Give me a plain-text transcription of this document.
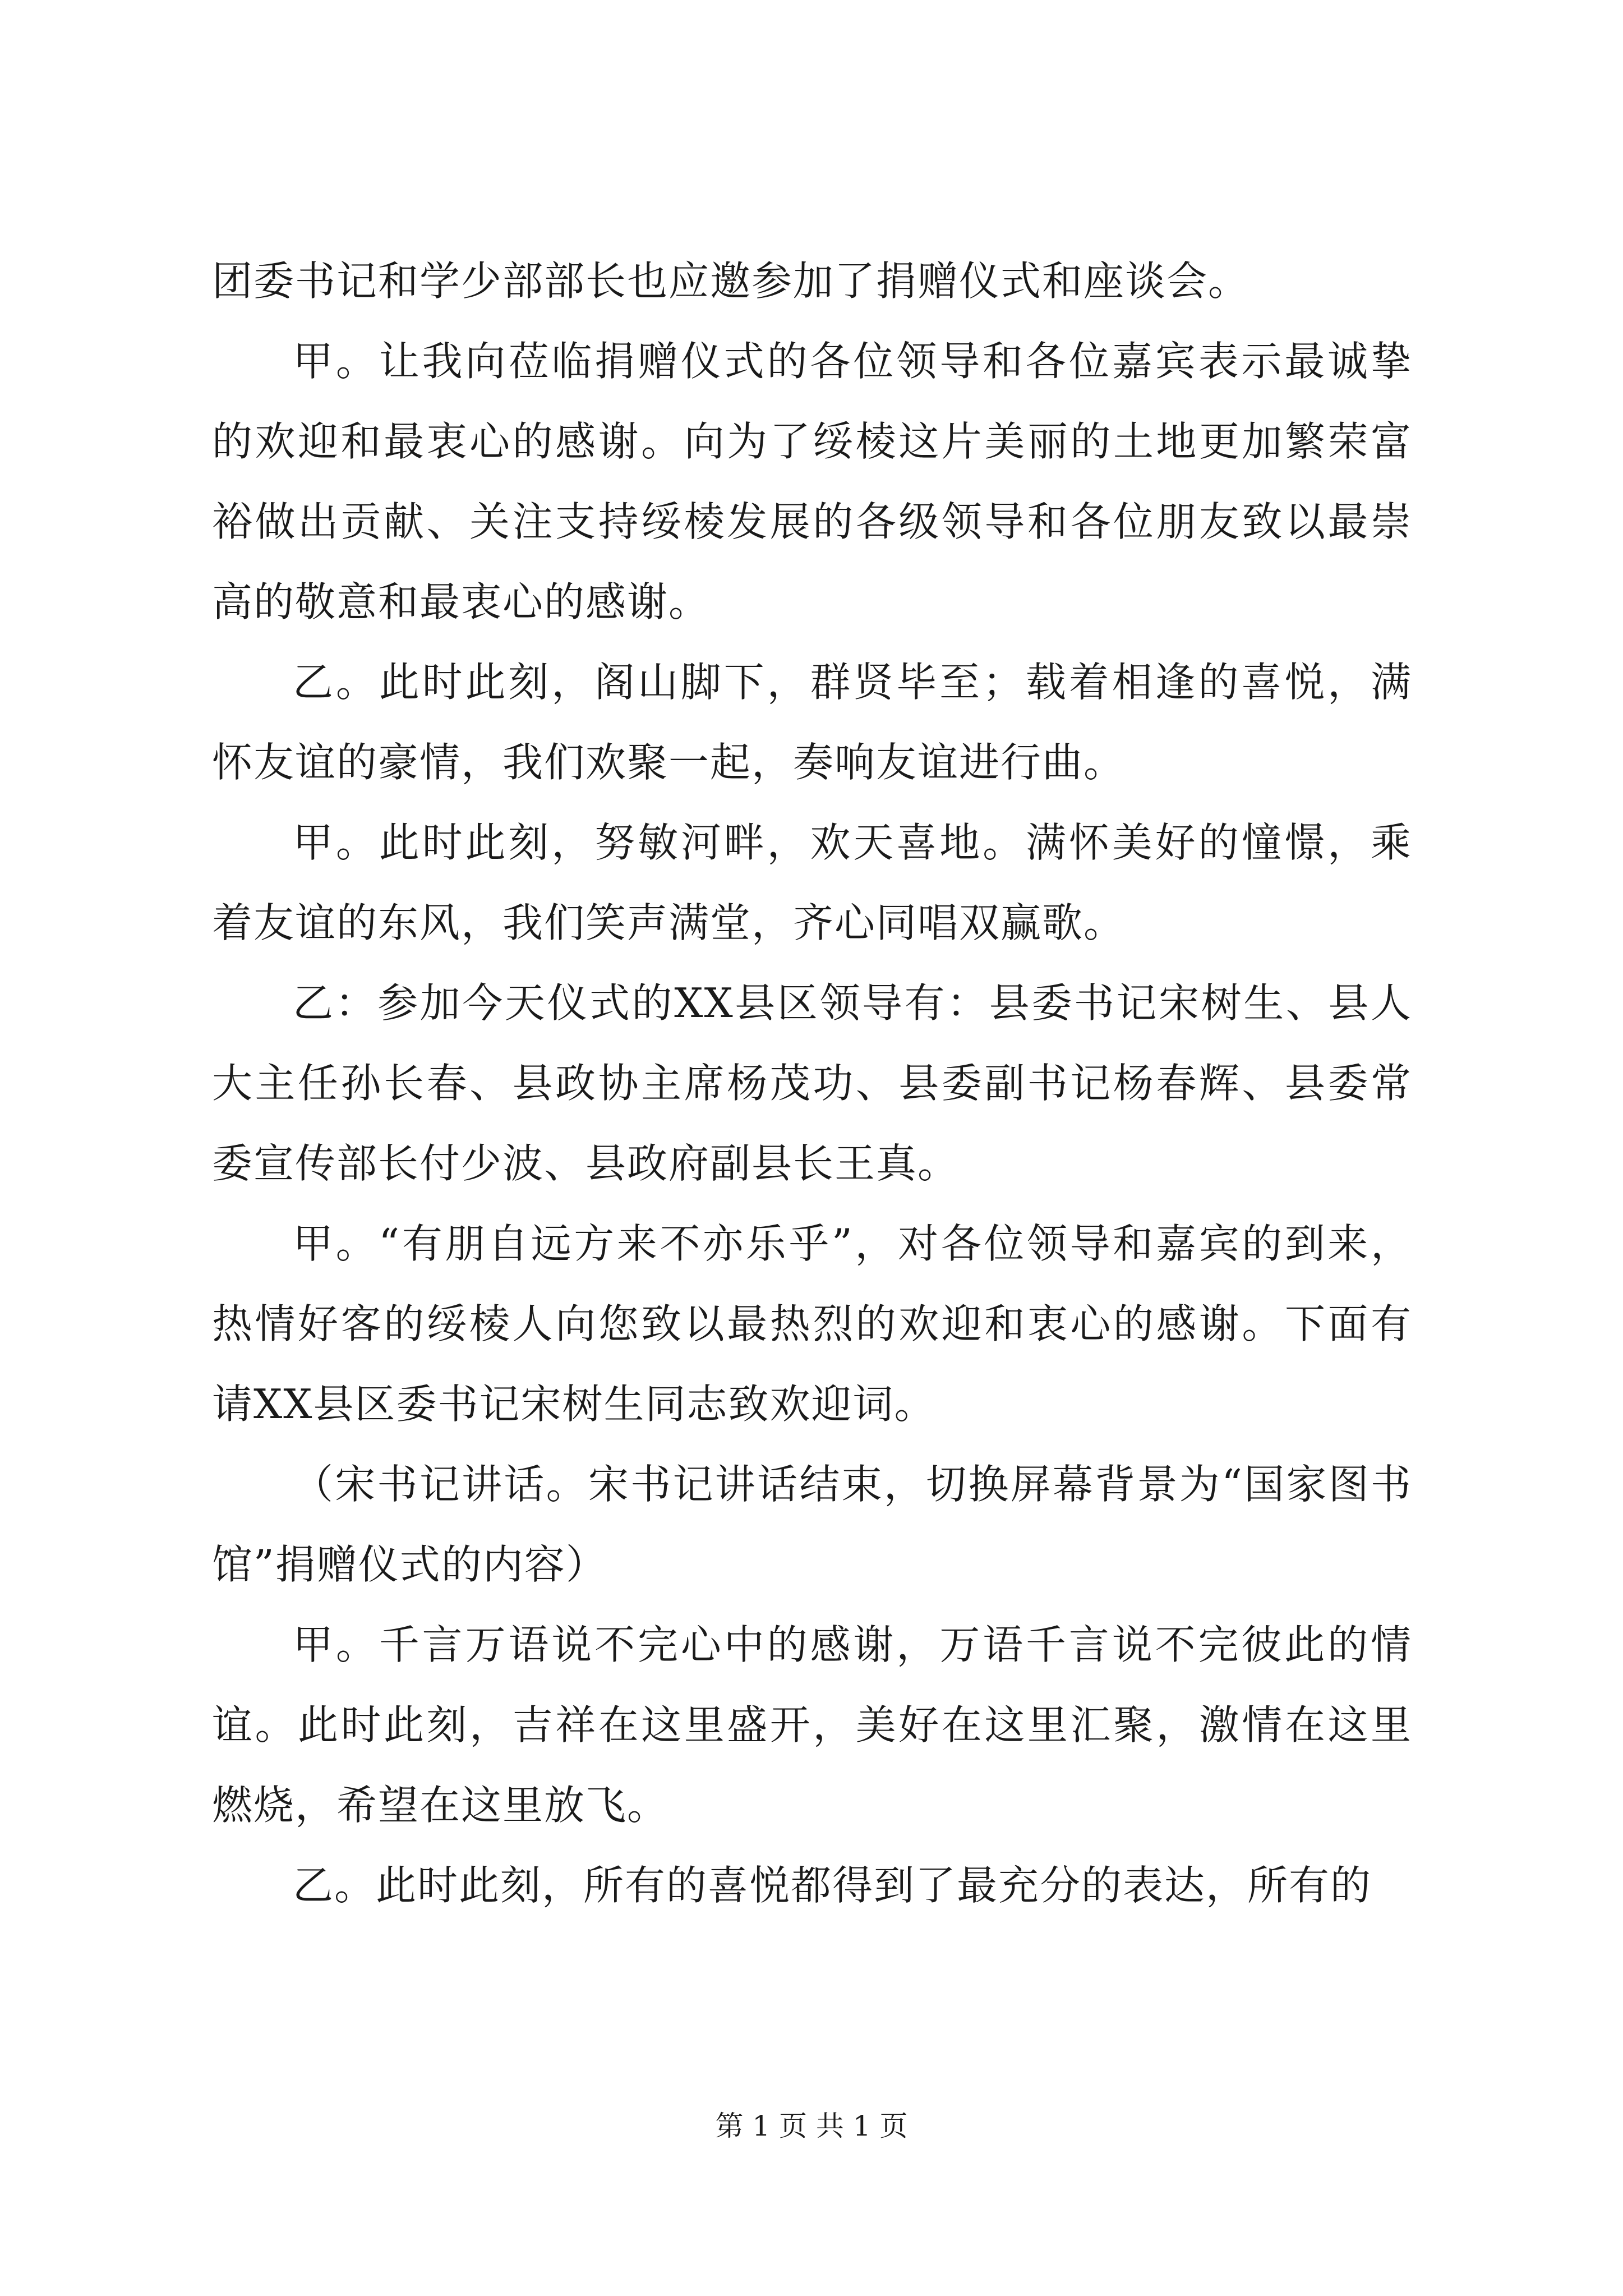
团委书记和学少部部长也应邀参加了捐赠仪式和座谈会。

甲。让我向莅临捐赠仪式的各位领导和各位嘉宾表示最诚挚的欢迎和最衷心的感谢。向为了绥棱这片美丽的土地更加繁荣富裕做出贡献、关注支持绥棱发展的各级领导和各位朋友致以最崇高的敬意和最衷心的感谢。

乙。此时此刻，阁山脚下，群贤毕至；载着相逢的喜悦，满怀友谊的豪情，我们欢聚一起，奏响友谊进行曲。

甲。此时此刻，努敏河畔，欢天喜地。满怀美好的憧憬，乘着友谊的东风，我们笑声满堂，齐心同唱双赢歌。

乙：参加今天仪式的XX县区领导有：县委书记宋树生、县人大主任孙长春、县政协主席杨茂功、县委副书记杨春辉、县委常委宣传部长付少波、县政府副县长王真。

甲。“有朋自远方来不亦乐乎”，对各位领导和嘉宾的到来，热情好客的绥棱人向您致以最热烈的欢迎和衷心的感谢。下面有请XX县区委书记宋树生同志致欢迎词。

（宋书记讲话。宋书记讲话结束，切换屏幕背景为“国家图书馆”捐赠仪式的内容）

甲。千言万语说不完心中的感谢，万语千言说不完彼此的情谊。此时此刻，吉祥在这里盛开，美好在这里汇聚，激情在这里燃烧，希望在这里放飞。

乙。此时此刻，所有的喜悦都得到了最充分的表达，所有的

第 1 页 共 1 页
